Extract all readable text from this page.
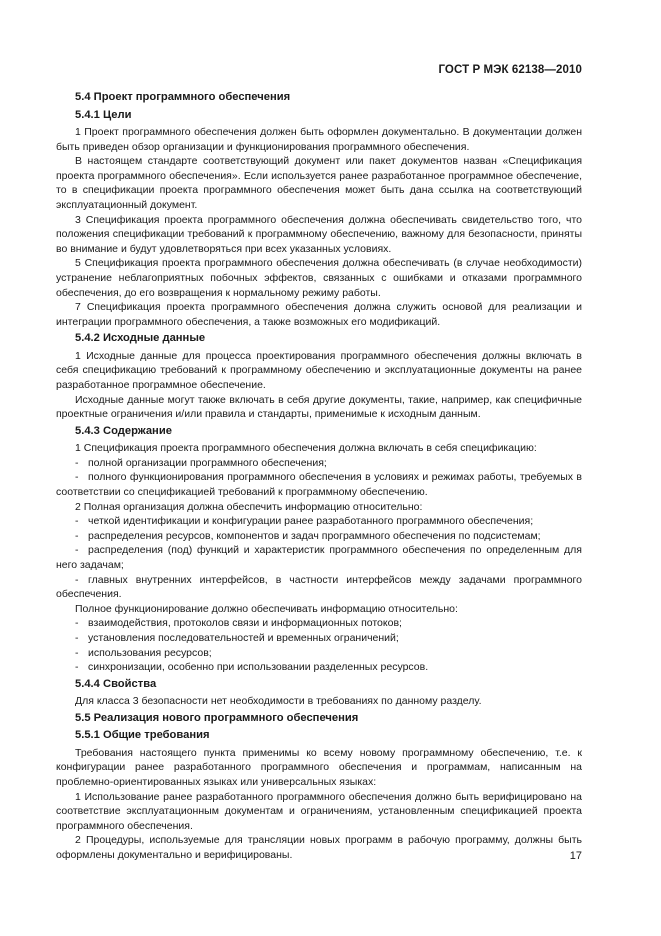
ГОСТ Р МЭК 62138—2010
5.4 Проект программного обеспечения
5.4.1 Цели
1 Проект программного обеспечения должен быть оформлен документально. В документации должен быть приведен обзор организации и функционирования программного обеспечения.
В настоящем стандарте соответствующий документ или пакет документов назван «Спецификация проекта программного обеспечения». Если используется ранее разработанное программное обеспечение, то в спецификации проекта программного обеспечения может быть дана ссылка на соответствующий эксплуатационный документ.
3 Спецификация проекта программного обеспечения должна обеспечивать свидетельство того, что положения спецификации требований к программному обеспечению, важному для безопасности, приняты во внимание и будут удовлетворяться при всех указанных условиях.
5 Спецификация проекта программного обеспечения должна обеспечивать (в случае необходимости) устранение неблагоприятных побочных эффектов, связанных с ошибками и отказами программного обеспечения, до его возвращения к нормальному режиму работы.
7 Спецификация проекта программного обеспечения должна служить основой для реализации и интеграции программного обеспечения, а также возможных его модификаций.
5.4.2 Исходные данные
1 Исходные данные для процесса проектирования программного обеспечения должны включать в себя спецификацию требований к программному обеспечению и эксплуатационные документы на ранее разработанное программное обеспечение.
Исходные данные могут также включать в себя другие документы, такие, например, как специфичные проектные ограничения и/или правила и стандарты, применимые к исходным данным.
5.4.3 Содержание
1 Спецификация проекта программного обеспечения должна включать в себя спецификацию:
- полной организации программного обеспечения;
- полного функционирования программного обеспечения в условиях и режимах работы, требуемых в соответствии со спецификацией требований к программному обеспечению.
2 Полная организация должна обеспечить информацию относительно:
- четкой идентификации и конфигурации ранее разработанного программного обеспечения;
- распределения ресурсов, компонентов и задач программного обеспечения по подсистемам;
- распределения (под) функций и характеристик программного обеспечения по определенным для него задачам;
- главных внутренних интерфейсов, в частности интерфейсов между задачами программного обеспечения.
Полное функционирование должно обеспечивать информацию относительно:
- взаимодействия, протоколов связи и информационных потоков;
- установления последовательностей и временных ограничений;
- использования ресурсов;
- синхронизации, особенно при использовании разделенных ресурсов.
5.4.4 Свойства
Для класса 3 безопасности нет необходимости в требованиях по данному разделу.
5.5 Реализация нового программного обеспечения
5.5.1 Общие требования
Требования настоящего пункта применимы ко всему новому программному обеспечению, т.е. к конфигурации ранее разработанного программного обеспечения и программам, написанным на проблемно-ориентированных языках или универсальных языках:
1 Использование ранее разработанного программного обеспечения должно быть верифицировано на соответствие эксплуатационным документам и ограничениям, установленным спецификацией проекта программного обеспечения.
2 Процедуры, используемые для трансляции новых программ в рабочую программу, должны быть оформлены документально и верифицированы.	17
